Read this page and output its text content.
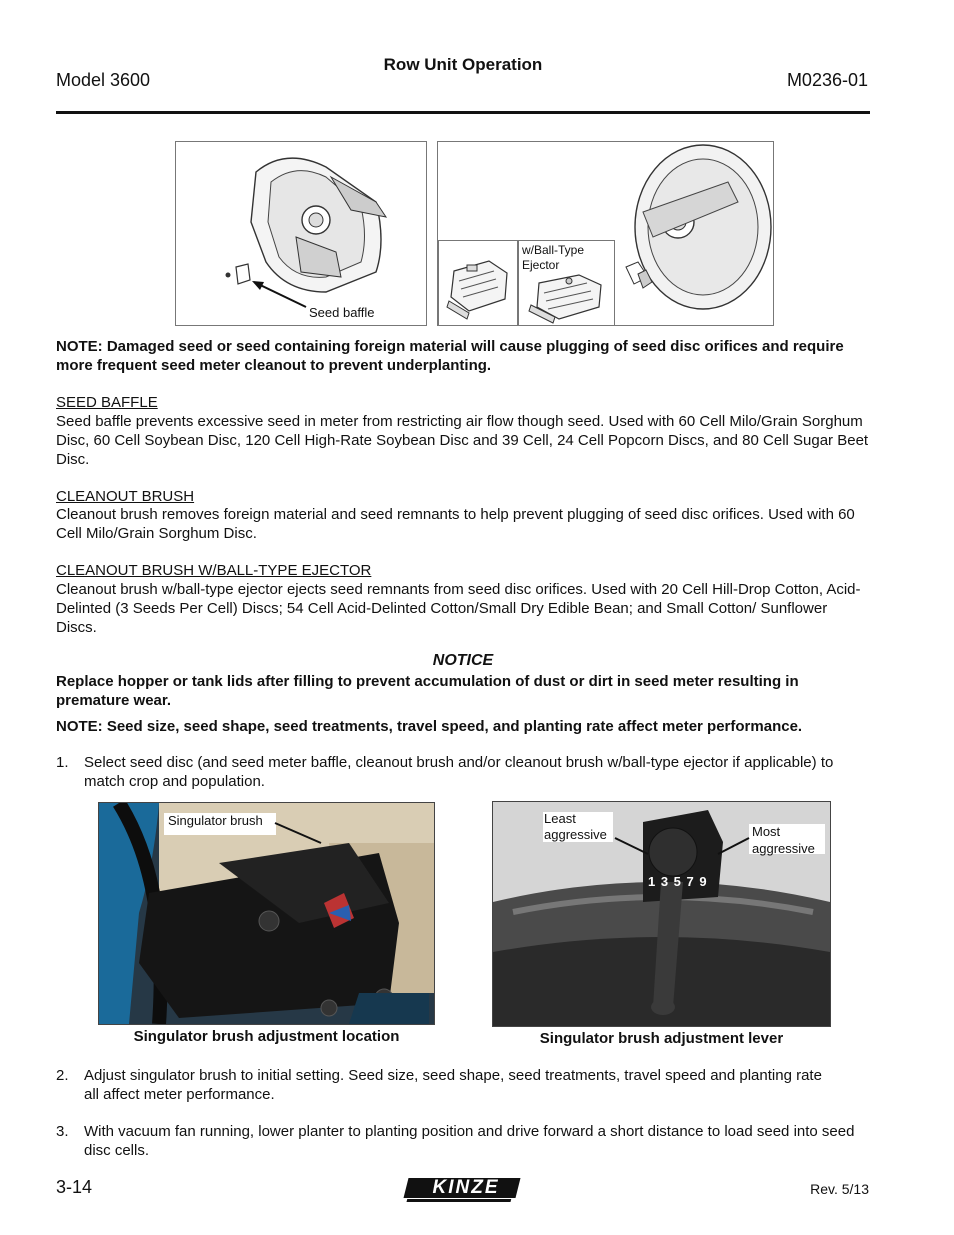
Model 3600
Row Unit Operation
M0236-01
Seed baffle
w/Ball-Type
Ejector
NOTE: Damaged seed or seed containing foreign material will cause plugging of seed disc orifices and require more frequent seed meter cleanout to prevent underplanting.
SEED BAFFLE
Seed baffle prevents excessive seed in meter from restricting air flow though seed. Used with 60 Cell Milo/Grain Sorghum Disc, 60 Cell Soybean Disc, 120 Cell High-Rate Soybean Disc and 39 Cell, 24 Cell Popcorn Discs, and 80 Cell Sugar Beet Disc.
CLEANOUT BRUSH
Cleanout brush removes foreign material and seed remnants to help prevent plugging of seed disc orifices. Used with 60 Cell Milo/Grain Sorghum Disc.
CLEANOUT BRUSH W/BALL-TYPE EJECTOR
Cleanout brush w/ball-type ejector ejects seed remnants from seed disc orifices. Used with 20 Cell Hill-Drop Cotton, Acid-Delinted (3 Seeds Per Cell) Discs; 54 Cell Acid-Delinted Cotton/Small Dry Edible Bean; and Small Cotton/ Sunflower Discs.
NOTICE
Replace hopper or tank lids after filling to prevent accumulation of dust or dirt in seed meter resulting in premature wear.
NOTE: Seed size, seed shape, seed treatments, travel speed, and planting rate affect meter performance.
1. Select seed disc (and seed meter baffle, cleanout brush and/or cleanout brush w/ball-type ejector if applicable) to match crop and population.
Singulator brush
Singulator brush adjustment location
Least
aggressive	Most
aggressive
1 3 5 7 9
Singulator brush adjustment lever
2. Adjust singulator brush to initial setting. Seed size, seed shape, seed treatments, travel speed and planting rate all affect meter performance.
3. With vacuum fan running, lower planter to planting position and drive forward a short distance to load seed into seed disc cells.
3-14	KINZE	Rev. 5/13
